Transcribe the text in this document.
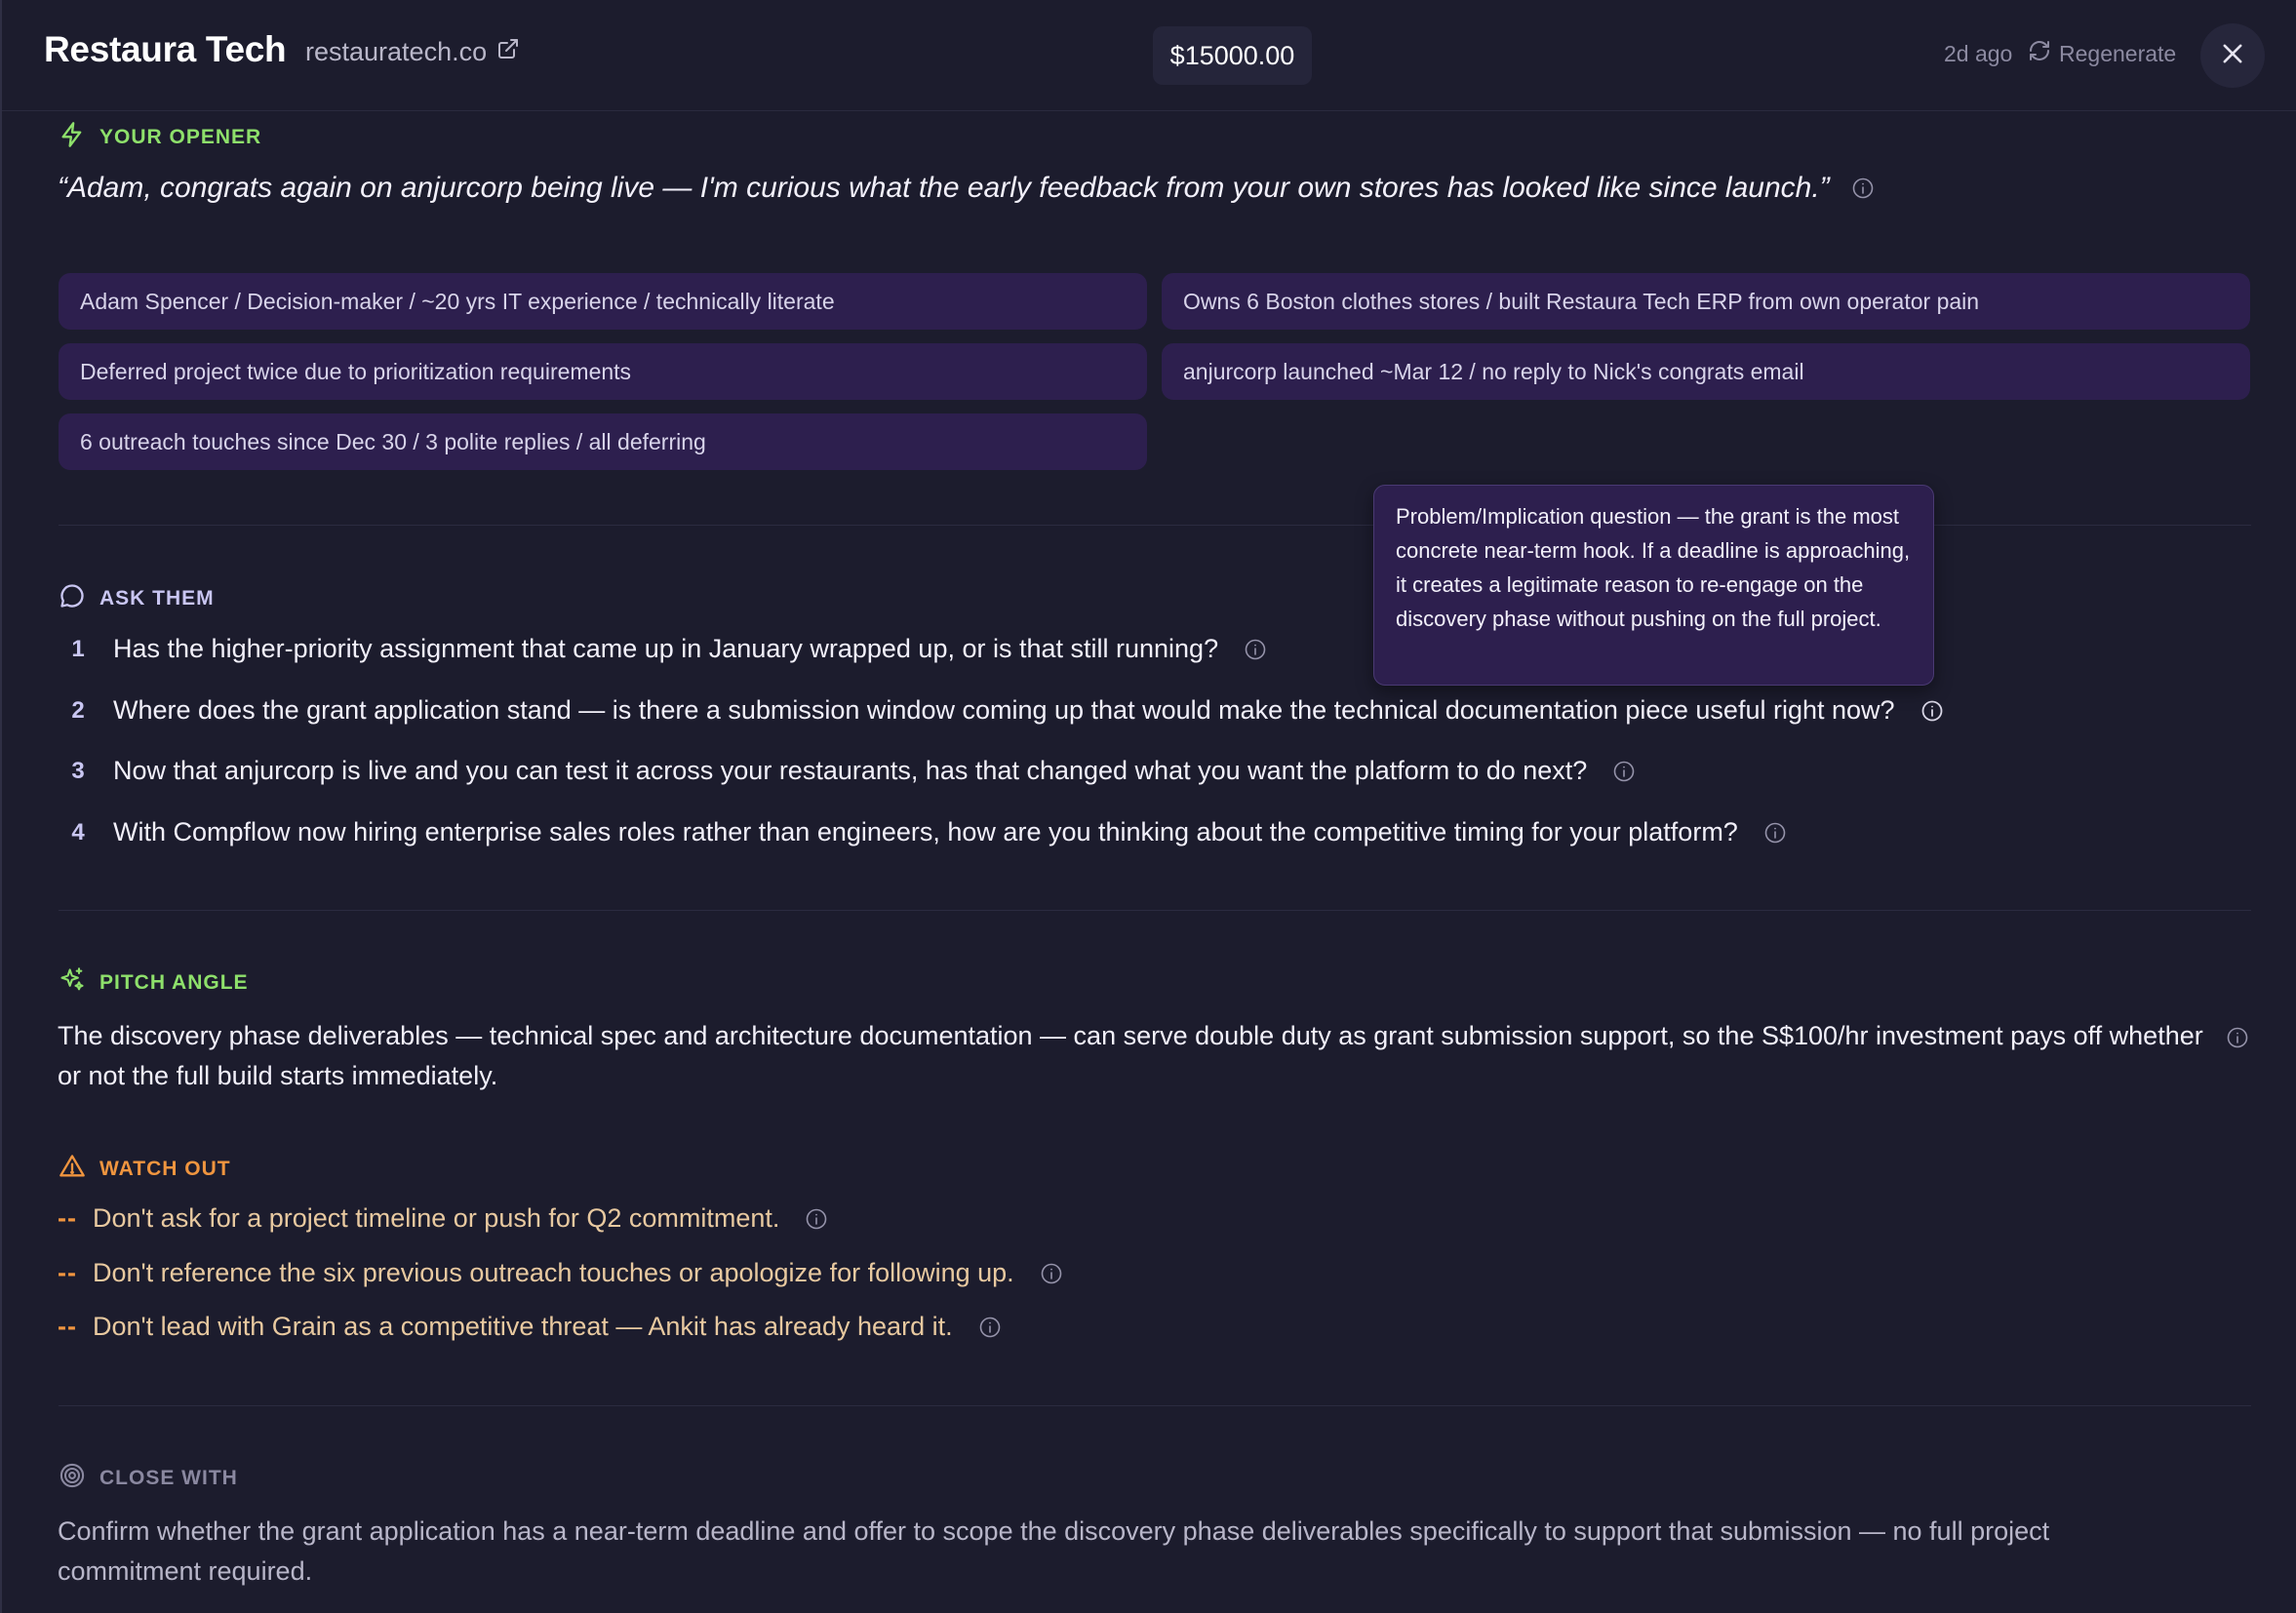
Restaura Tech restauratech.co	$15000.00	2d ago Regenerate
YOUR OPENER
“Adam, congrats again on anjurcorp being live — I'm curious what the early feedback from your own stores has looked like since launch.”
Adam Spencer / Decision-maker / ~20 yrs IT experience / technically literate	Owns 6 Boston clothes stores / built Restaura Tech ERP from own operator pain
Deferred project twice due to prioritization requirements	anjurcorp launched ~Mar 12 / no reply to Nick's congrats email
6 outreach touches since Dec 30 / 3 polite replies / all deferring
ASK THEM
1 Has the higher-priority assignment that came up in January wrapped up, or is that still running?
2 Where does the grant application stand — is there a submission window coming up that would make the technical documentation piece useful right now?
3 Now that anjurcorp is live and you can test it across your restaurants, has that changed what you want the platform to do next?
4 With Compflow now hiring enterprise sales roles rather than engineers, how are you thinking about the competitive timing for your platform?
PITCH ANGLE
The discovery phase deliverables — technical spec and architecture documentation — can serve double duty as grant submission support, so the S$100/hr investment pays off whether or not the full build starts immediately.
WATCH OUT
-- Don't ask for a project timeline or push for Q2 commitment.
-- Don't reference the six previous outreach touches or apologize for following up.
-- Don't lead with Grain as a competitive threat — Ankit has already heard it.
CLOSE WITH
Confirm whether the grant application has a near-term deadline and offer to scope the discovery phase deliverables specifically to support that submission — no full project commitment required.
Problem/Implication question — the grant is the most concrete near-term hook. If a deadline is approaching, it creates a legitimate reason to re-engage on the discovery phase without pushing on the full project.
